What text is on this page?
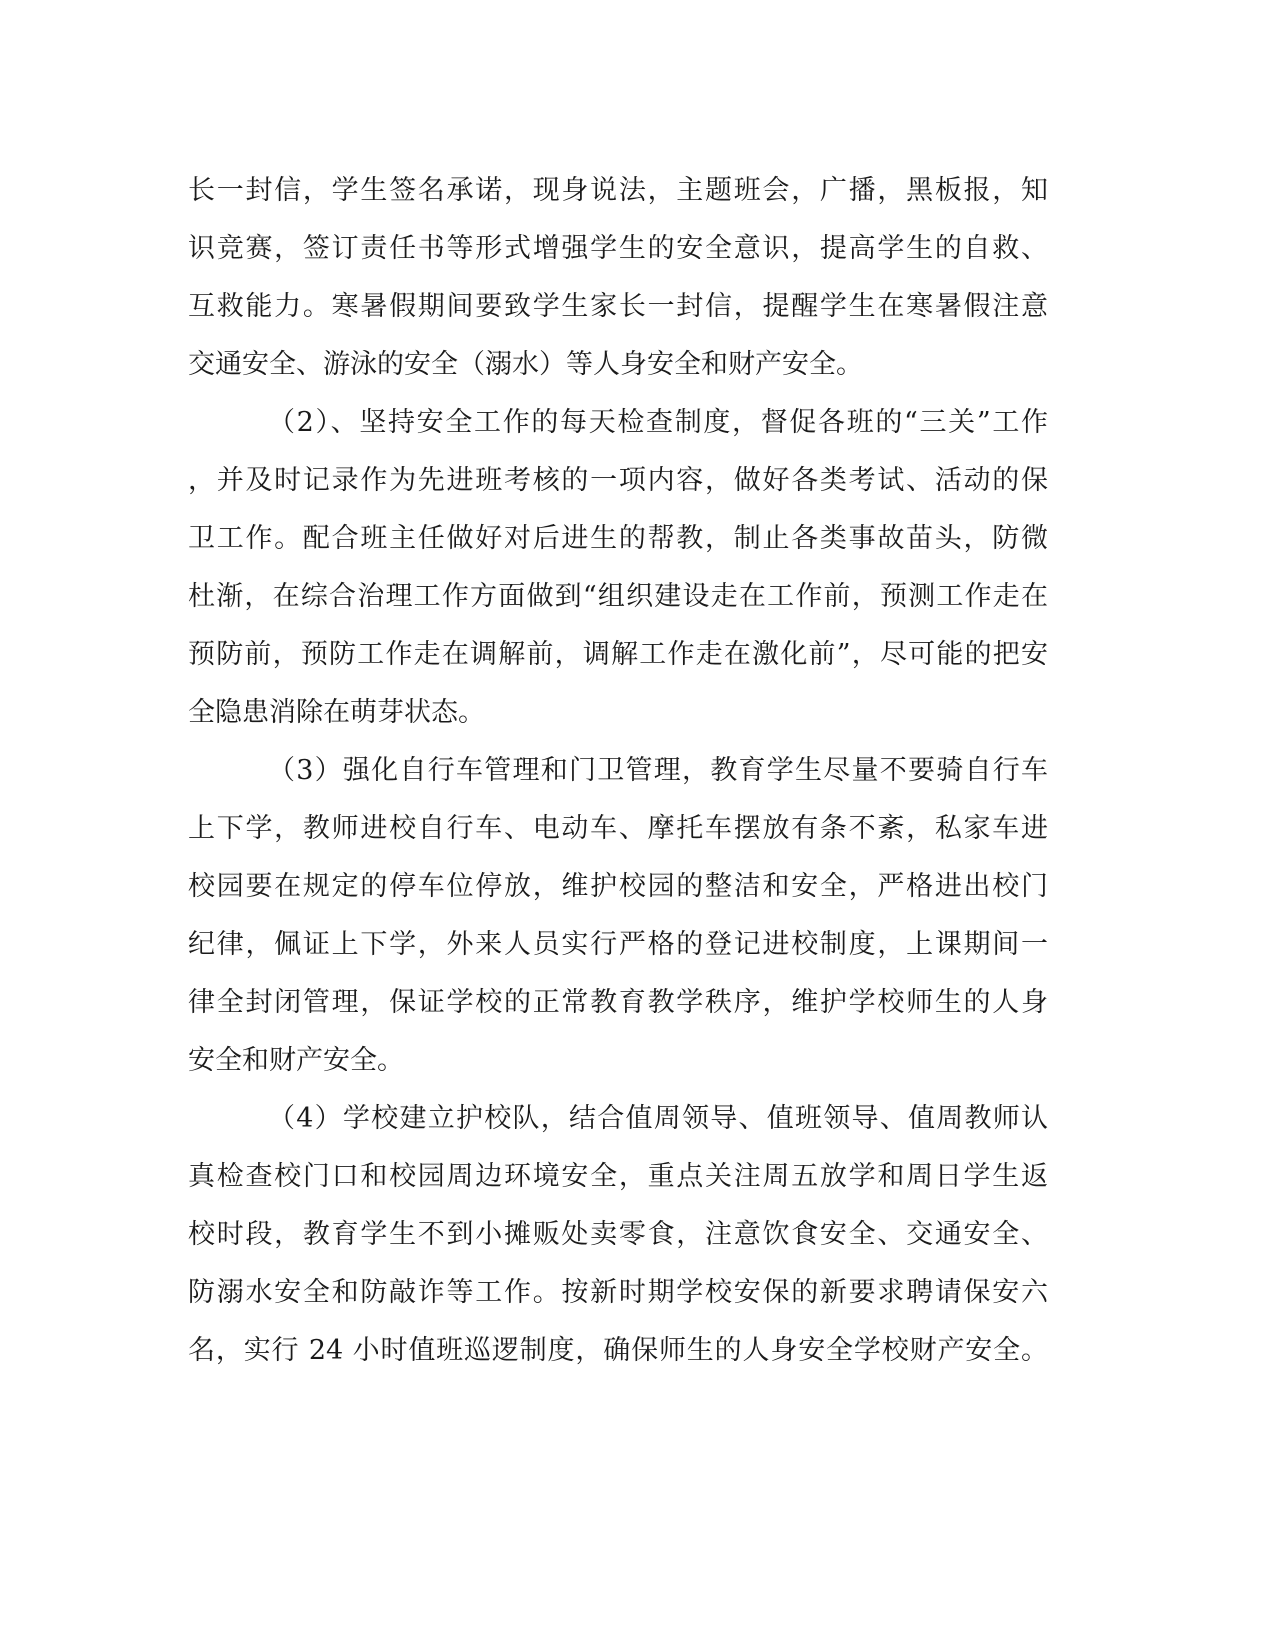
长一封信，学生签名承诺，现身说法，主题班会，广播，黑板报，知
识竞赛，签订责任书等形式增强学生的安全意识，提高学生的自救、
互救能力。寒暑假期间要致学生家长一封信，提醒学生在寒暑假注意
交通安全、游泳的安全（溺水）等人身安全和财产安全。
（2）、坚持安全工作的每天检查制度，督促各班的“三关”工作
，并及时记录作为先进班考核的一项内容，做好各类考试、活动的保
卫工作。配合班主任做好对后进生的帮教，制止各类事故苗头，防微
杜渐，在综合治理工作方面做到“组织建设走在工作前，预测工作走在
预防前，预防工作走在调解前，调解工作走在激化前”，尽可能的把安
全隐患消除在萌芽状态。
（3）强化自行车管理和门卫管理，教育学生尽量不要骑自行车
上下学，教师进校自行车、电动车、摩托车摆放有条不紊，私家车进
校园要在规定的停车位停放，维护校园的整洁和安全，严格进出校门
纪律，佩证上下学，外来人员实行严格的登记进校制度，上课期间一
律全封闭管理，保证学校的正常教育教学秩序，维护学校师生的人身
安全和财产安全。
（4）学校建立护校队，结合值周领导、值班领导、值周教师认
真检查校门口和校园周边环境安全，重点关注周五放学和周日学生返
校时段，教育学生不到小摊贩处卖零食，注意饮食安全、交通安全、
防溺水安全和防敲诈等工作。按新时期学校安保的新要求聘请保安六
名，实行 24 小时值班巡逻制度，确保师生的人身安全学校财产安全。
